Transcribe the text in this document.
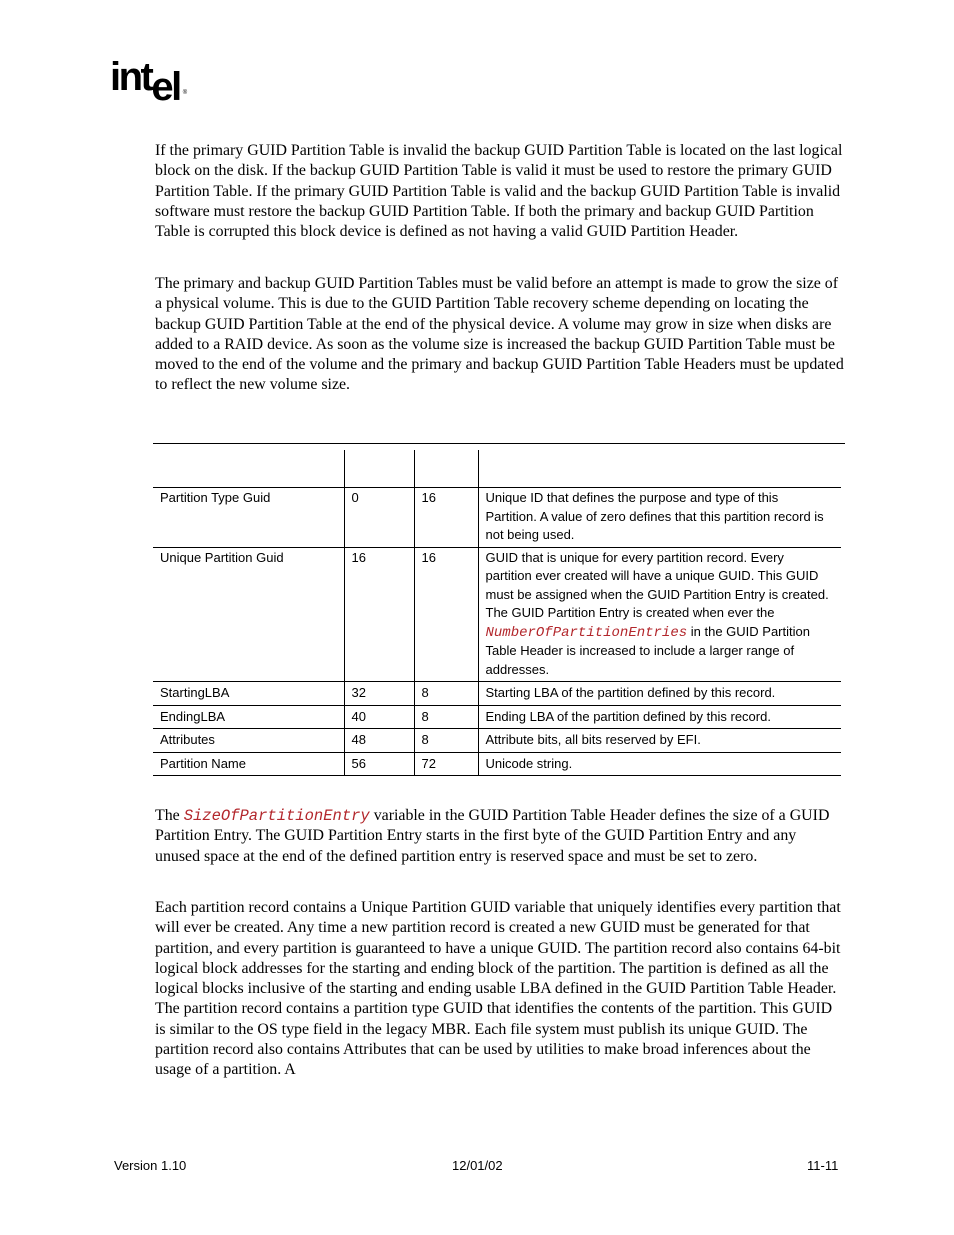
intel ®

If the primary GUID Partition Table is invalid the backup GUID Partition Table is located on the last logical block on the disk. If the backup GUID Partition Table is valid it must be used to restore the primary GUID Partition Table. If the primary GUID Partition Table is valid and the backup GUID Partition Table is invalid software must restore the backup GUID Partition Table. If both the primary and backup GUID Partition Table is corrupted this block device is defined as not having a valid GUID Partition Header.

The primary and backup GUID Partition Tables must be valid before an attempt is made to grow the size of a physical volume. This is due to the GUID Partition Table recovery scheme depending on locating the backup GUID Partition Table at the end of the physical device. A volume may grow in size when disks are added to a RAID device. As soon as the volume size is increased the backup GUID Partition Table must be moved to the end of the volume and the primary and backup GUID Partition Table Headers must be updated to reflect the new volume size.

Partition Type Guid	0	16	Unique ID that defines the purpose and type of this Partition. A value of zero defines that this partition record is not being used.
Unique Partition Guid	16	16	GUID that is unique for every partition record. Every partition ever created will have a unique GUID. This GUID must be assigned when the GUID Partition Entry is created. The GUID Partition Entry is created when ever the NumberOfPartitionEntries in the GUID Partition Table Header is increased to include a larger range of addresses.
StartingLBA	32	8	Starting LBA of the partition defined by this record.
EndingLBA	40	8	Ending LBA of the partition defined by this record.
Attributes	48	8	Attribute bits, all bits reserved by EFI.
Partition Name	56	72	Unicode string.

The SizeOfPartitionEntry variable in the GUID Partition Table Header defines the size of a GUID Partition Entry. The GUID Partition Entry starts in the first byte of the GUID Partition Entry and any unused space at the end of the defined partition entry is reserved space and must be set to zero.

Each partition record contains a Unique Partition GUID variable that uniquely identifies every partition that will ever be created. Any time a new partition record is created a new GUID must be generated for that partition, and every partition is guaranteed to have a unique GUID. The partition record also contains 64-bit logical block addresses for the starting and ending block of the partition. The partition is defined as all the logical blocks inclusive of the starting and ending usable LBA defined in the GUID Partition Table Header. The partition record contains a partition type GUID that identifies the contents of the partition. This GUID is similar to the OS type field in the legacy MBR. Each file system must publish its unique GUID. The partition record also contains Attributes that can be used by utilities to make broad inferences about the usage of a partition. A

Version 1.10	12/01/02	11-11
